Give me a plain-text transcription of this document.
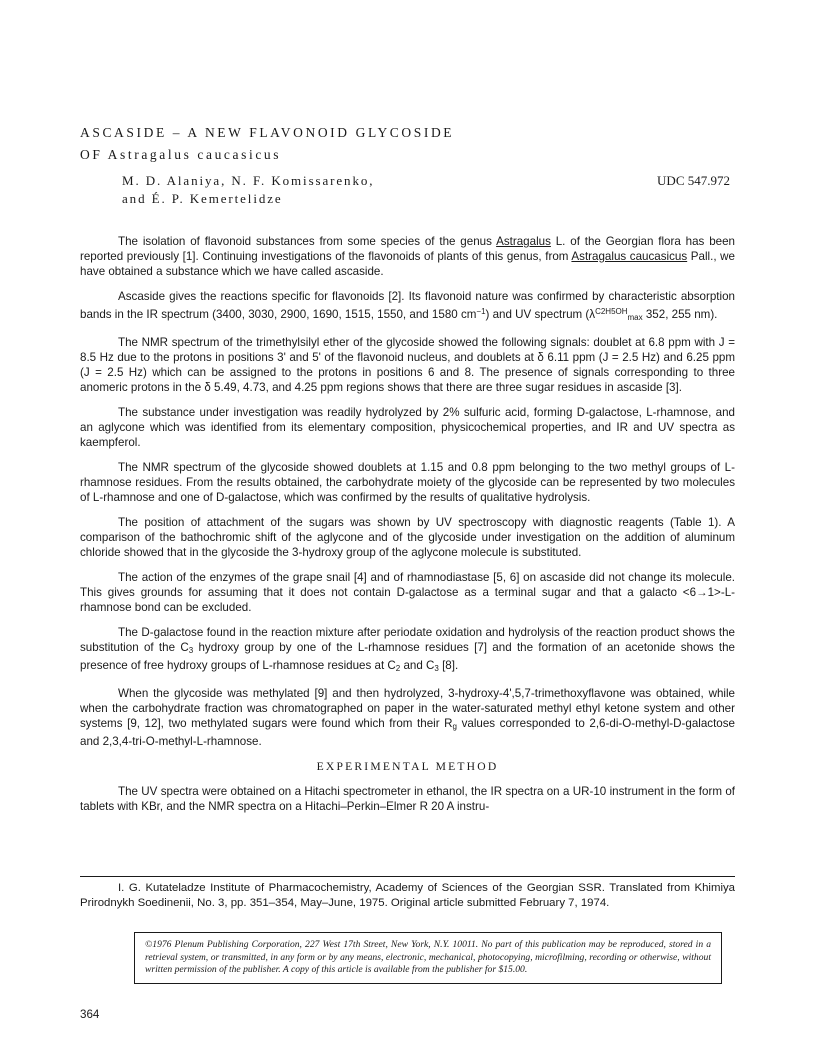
ASCASIDE – A NEW FLAVONOID GLYCOSIDE
OF Astragalus caucasicus
M. D. Alaniya, N. F. Komissarenko,
and É. P. Kemertelidze
UDC 547.972

The isolation of flavonoid substances from some species of the genus Astragalus L. of the Georgian flora has been reported previously [1]. Continuing investigations of the flavonoids of plants of this genus, from Astragalus caucasicus Pall., we have obtained a substance which we have called ascaside.

Ascaside gives the reactions specific for flavonoids [2]. Its flavonoid nature was confirmed by characteristic absorption bands in the IR spectrum (3400, 3030, 2900, 1690, 1515, 1550, and 1580 $cm^{-1}$) and UV spectrum ($\lambda^{C2H5OH}_{max}$ 352, 255 nm).

The NMR spectrum of the trimethylsilyl ether of the glycoside showed the following signals: doublet at 6.8 ppm with J = 8.5 Hz due to the protons in positions 3' and 5' of the flavonoid nucleus, and doublets at δ 6.11 ppm (J = 2.5 Hz) and 6.25 ppm (J = 2.5 Hz) which can be assigned to the protons in positions 6 and 8. The presence of signals corresponding to three anomeric protons in the δ 5.49, 4.73, and 4.25 ppm regions shows that there are three sugar residues in ascaside [3].

The substance under investigation was readily hydrolyzed by 2% sulfuric acid, forming D-galactose, L-rhamnose, and an aglycone which was identified from its elementary composition, physicochemical properties, and IR and UV spectra as kaempferol.

The NMR spectrum of the glycoside showed doublets at 1.15 and 0.8 ppm belonging to the two methyl groups of L-rhamnose residues. From the results obtained, the carbohydrate moiety of the glycoside can be represented by two molecules of L-rhamnose and one of D-galactose, which was confirmed by the results of qualitative hydrolysis.

The position of attachment of the sugars was shown by UV spectroscopy with diagnostic reagents (Table 1). A comparison of the bathochromic shift of the aglycone and of the glycoside under investigation on the addition of aluminum chloride showed that in the glycoside the 3-hydroxy group of the aglycone molecule is substituted.

The action of the enzymes of the grape snail [4] and of rhamnodiastase [5, 6] on ascaside did not change its molecule. This gives grounds for assuming that it does not contain D-galactose as a terminal sugar and that a galacto <6→1>-L-rhamnose bond can be excluded.

The D-galactose found in the reaction mixture after periodate oxidation and hydrolysis of the reaction product shows the substitution of the $C_3$ hydroxy group by one of the L-rhamnose residues [7] and the formation of an acetonide shows the presence of free hydroxy groups of L-rhamnose residues at $C_2$ and $C_3$ [8].

When the glycoside was methylated [9] and then hydrolyzed, 3-hydroxy-4',5,7-trimethoxyflavone was obtained, while when the carbohydrate fraction was chromatographed on paper in the water-saturated methyl ethyl ketone system and other systems [9, 12], two methylated sugars were found which from their $R_g$ values corresponded to 2,6-di-O-methyl-D-galactose and 2,3,4-tri-O-methyl-L-rhamnose.

EXPERIMENTAL METHOD

The UV spectra were obtained on a Hitachi spectrometer in ethanol, the IR spectra on a UR-10 instrument in the form of tablets with KBr, and the NMR spectra on a Hitachi–Perkin–Elmer R 20 A instru-

I. G. Kutateladze Institute of Pharmacochemistry, Academy of Sciences of the Georgian SSR. Translated from Khimiya Prirodnykh Soedinenii, No. 3, pp. 351–354, May–June, 1975. Original article submitted February 7, 1974.
©1976 Plenum Publishing Corporation, 227 West 17th Street, New York, N.Y. 10011. No part of this publication may be reproduced, stored in a retrieval system, or transmitted, in any form or by any means, electronic, mechanical, photocopying, microfilming, recording or otherwise, without written permission of the publisher. A copy of this article is available from the publisher for $15.00.
364
